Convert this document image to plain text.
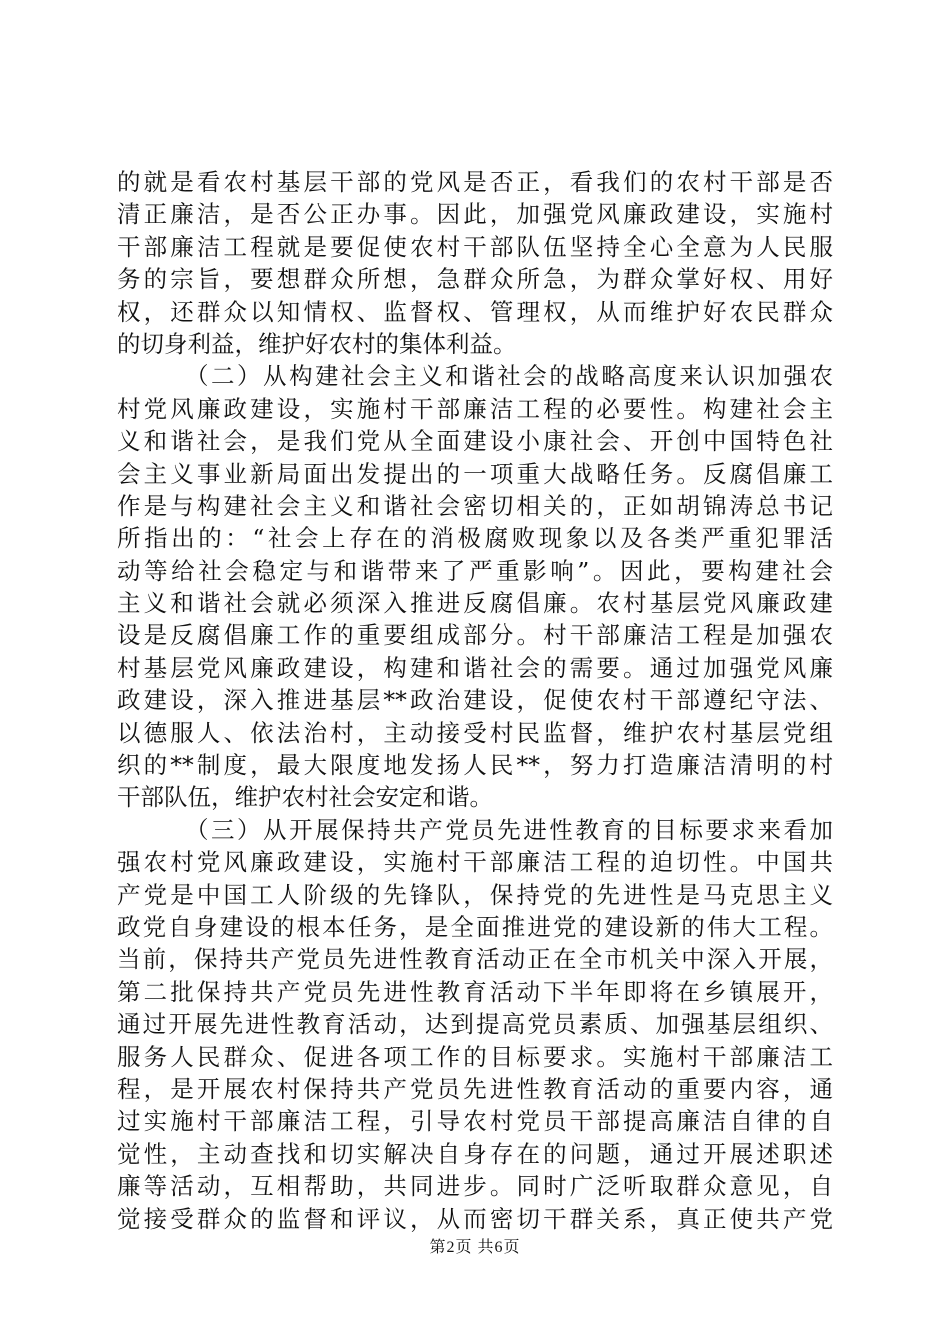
的就是看农村基层干部的党风是否正，看我们的农村干部是否
清正廉洁，是否公正办事。因此，加强党风廉政建设，实施村
干部廉洁工程就是要促使农村干部队伍坚持全心全意为人民服
务的宗旨，要想群众所想，急群众所急，为群众掌好权、用好
权，还群众以知情权、监督权、管理权，从而维护好农民群众
的切身利益，维护好农村的集体利益。
（二）从构建社会主义和谐社会的战略高度来认识加强农
村党风廉政建设，实施村干部廉洁工程的必要性。构建社会主
义和谐社会，是我们党从全面建设小康社会、开创中国特色社
会主义事业新局面出发提出的一项重大战略任务。反腐倡廉工
作是与构建社会主义和谐社会密切相关的，正如胡锦涛总书记
所指出的：“社会上存在的消极腐败现象以及各类严重犯罪活
动等给社会稳定与和谐带来了严重影响”。因此，要构建社会
主义和谐社会就必须深入推进反腐倡廉。农村基层党风廉政建
设是反腐倡廉工作的重要组成部分。村干部廉洁工程是加强农
村基层党风廉政建设，构建和谐社会的需要。通过加强党风廉
政建设，深入推进基层**政治建设，促使农村干部遵纪守法、
以德服人、依法治村，主动接受村民监督，维护农村基层党组
织的**制度，最大限度地发扬人民**，努力打造廉洁清明的村
干部队伍，维护农村社会安定和谐。
（三）从开展保持共产党员先进性教育的目标要求来看加
强农村党风廉政建设，实施村干部廉洁工程的迫切性。中国共
产党是中国工人阶级的先锋队，保持党的先进性是马克思主义
政党自身建设的根本任务，是全面推进党的建设新的伟大工程。
当前，保持共产党员先进性教育活动正在全市机关中深入开展，
第二批保持共产党员先进性教育活动下半年即将在乡镇展开，
通过开展先进性教育活动，达到提高党员素质、加强基层组织、
服务人民群众、促进各项工作的目标要求。实施村干部廉洁工
程，是开展农村保持共产党员先进性教育活动的重要内容，通
过实施村干部廉洁工程，引导农村党员干部提高廉洁自律的自
觉性，主动查找和切实解决自身存在的问题，通过开展述职述
廉等活动，互相帮助，共同进步。同时广泛听取群众意见，自
觉接受群众的监督和评议，从而密切干群关系，真正使共产党
第2页 共6页
